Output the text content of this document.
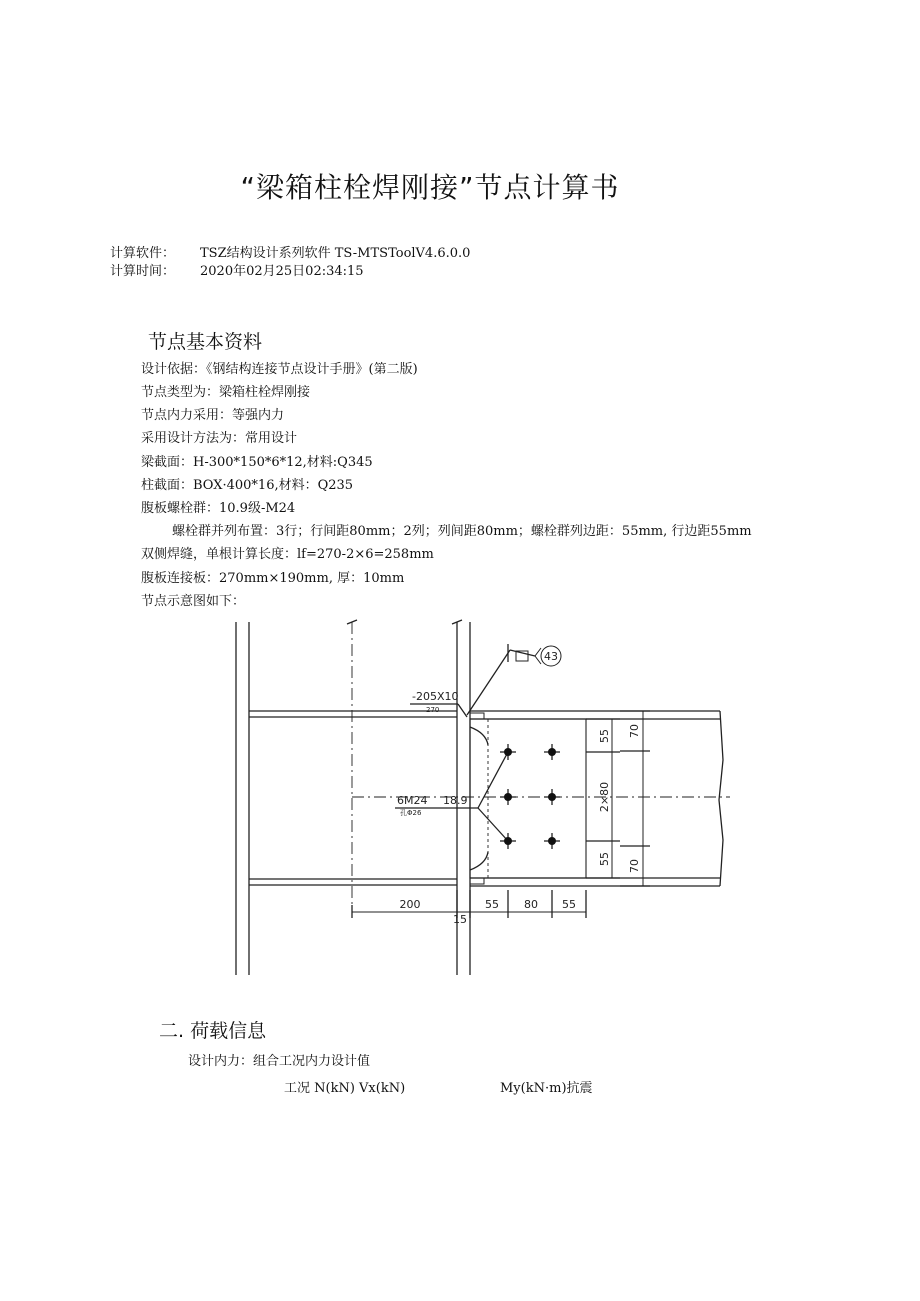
“梁箱柱栓焊刚接”节点计算书
计算软件： TSZ结构设计系列软件 TS-MTSToolV4.6.0.0
计算时间： 2020年02月25日02:34:15
节点基本资料
设计依据：《钢结构连接节点设计手册》(第二版)
节点类型为：梁箱柱栓焊刚接
节点内力采用：等强内力
采用设计方法为：常用设计
梁截面：H-300*150*6*12,材料:Q345
柱截面：BOX·400*16,材料：Q235
腹板螺栓群：10.9级-M24
螺栓群并列布置：3行；行间距80mm；2列；列间距80mm；螺栓群列边距：55mm, 行边距55mm
双侧焊缝，单根计算长度：lf=270-2×6=258mm
腹板连接板：270mm×190mm, 厚：10mm
节点示意图如下：
43
-205X10
270
6M24 18.9
孔Φ26
200
15
55 80 55
55
2×80
55
70
70
二. 荷载信息
设计内力：组合工况内力设计值
工况 N(kN) Vx(kN)	My(kN·m)抗震
